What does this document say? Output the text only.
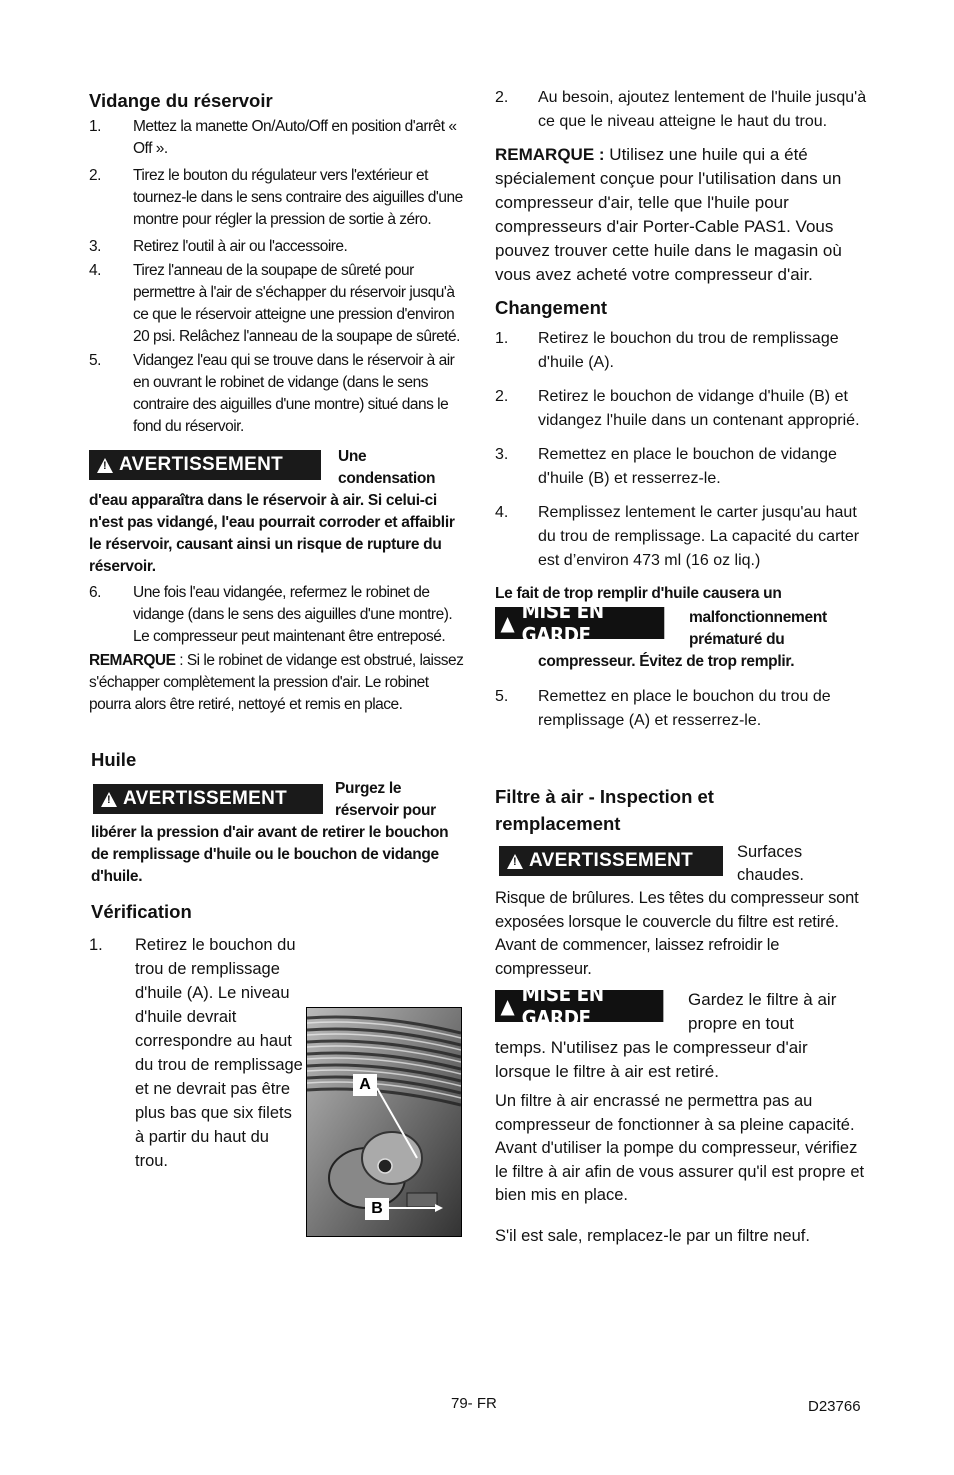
Vidange du réservoir
1.	Mettez la manette On/Auto/Off en position d'arrêt « Off ».
2.	Tirez le bouton du régulateur vers l'extérieur et tournez-le dans le sens contraire des aiguilles d'une montre pour régler la pression de sortie à zéro.
3.	Retirez l'outil à air ou l'accessoire.
4.	Tirez l'anneau de la soupape de sûreté pour permettre à l'air de s'échapper du réservoir jusqu'à ce que le réservoir atteigne une pression d'environ 20 psi. Relâchez l'anneau de la soupape de sûreté.
5.	Vidangez l'eau qui se trouve dans le réservoir à air en ouvrant le robinet de vidange (dans le sens contraire des aiguilles d'une montre) situé dans le fond du réservoir.
!
AVERTISSEMENT	Une condensation
d'eau apparaîtra dans le réservoir à air. Si celui-ci n'est pas vidangé, l'eau pourrait corroder et affaiblir le réservoir, causant ainsi un risque de rupture du réservoir.
6.	Une fois l'eau vidangée, refermez le robinet de vidange (dans le sens des aiguilles d'une montre). Le compresseur peut maintenant être entreposé.
REMARQUE : Si le robinet de vidange est obstrué, laissez s'échapper complètement la pression d'air. Le robinet pourra alors être retiré, nettoyé et remis en place.
Huile
!
AVERTISSEMENT	Purgez le réservoir pour
libérer la pression d'air avant de retirer le bouchon de remplissage d'huile ou le bouchon de vidange d'huile.
Vérification
1.	Retirez le bouchon du trou de remplissage d'huile (A). Le niveau d'huile devrait correspondre au haut du trou de remplissage et ne devrait pas être plus bas que six filets à partir du haut du trou.
A
B
2.	Au besoin, ajoutez lentement de l'huile jusqu'à ce que le niveau atteigne le haut du trou.
REMARQUE : Utilisez une huile qui a été spécialement conçue pour l'utilisation dans un compresseur d'air, telle que l'huile pour compresseurs d'air Porter-Cable PAS1. Vous pouvez trouver cette huile dans le magasin où vous avez acheté votre compresseur d'air.
Changement
1.	Retirez le bouchon du trou de remplissage d'huile (A).
2.	Retirez le bouchon de vidange d'huile (B) et vidangez l'huile dans un contenant approprié.
3.	Remettez en place le bouchon de vidange d'huile (B) et resserrez-le.
4.	Remplissez lentement le carter jusqu'au haut du trou de remplissage. La capacité du carter est d’environ 473 ml (16 oz liq.)
Le fait de trop remplir d'huile causera un
▲ MISE EN GARDE
malfonctionnement prématuré du
compresseur. Évitez de trop remplir.
5.	Remettez en place le bouchon du trou de remplissage (A) et resserrez-le.
Filtre à air - Inspection et remplacement
!
AVERTISSEMENT	Surfaces chaudes.
Risque de brûlures. Les têtes du compresseur sont exposées lorsque le couvercle du filtre est retiré. Avant de commencer, laissez refroidir le compresseur.
▲ MISE EN GARDE
Gardez le filtre à air propre en tout
temps. N'utilisez pas le compresseur d'air lorsque le filtre à air est retiré.
Un filtre à air encrassé ne permettra pas au compresseur de fonctionner à sa pleine capacité. Avant d'utiliser la pompe du compresseur, vérifiez le filtre à air afin de vous assurer qu'il est propre et bien mis en place.
S'il est sale, remplacez-le par un filtre neuf.
79- FR	D23766
